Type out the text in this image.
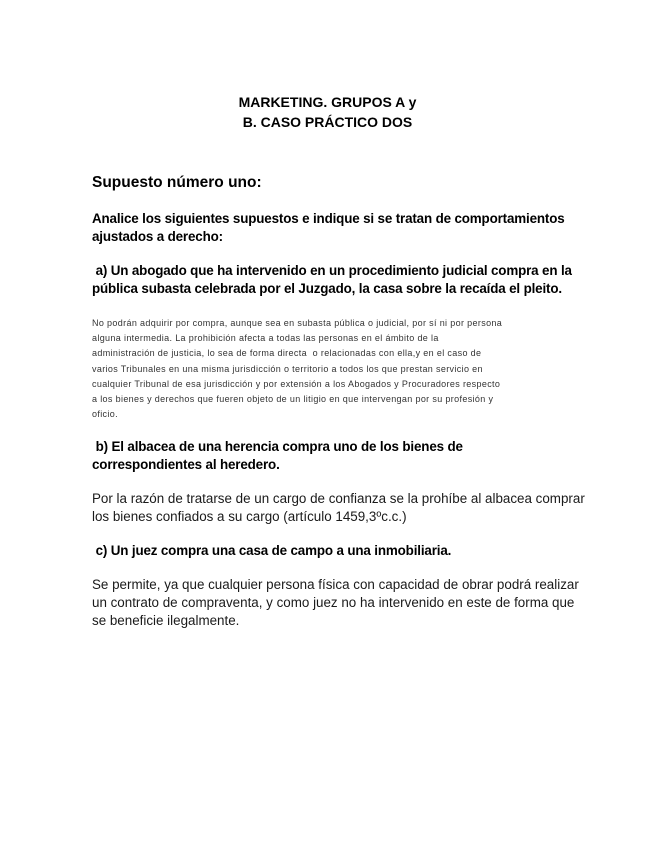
MARKETING. GRUPOS A y
B. CASO PRÁCTICO DOS
Supuesto número uno:
Analice los siguientes supuestos e indique si se tratan de comportamientos
ajustados a derecho:
a) Un abogado que ha intervenido en un procedimiento judicial compra en la
pública subasta celebrada por el Juzgado, la casa sobre la recaída el pleito.
No podrán adquirir por compra, aunque sea en subasta pública o judicial, por sí ni por persona
alguna intermedia. La prohibición afecta a todas las personas en el ámbito de la
administración de justicia, lo sea de forma directa  o relacionadas con ella,y en el caso de
varios Tribunales en una misma jurisdicción o territorio a todos los que prestan servicio en
cualquier Tribunal de esa jurisdicción y por extensión a los Abogados y Procuradores respecto
a los bienes y derechos que fueren objeto de un litigio en que intervengan por su profesión y
oficio.
b) El albacea de una herencia compra uno de los bienes de
correspondientes al heredero.
Por la razón de tratarse de un cargo de confianza se la prohíbe al albacea comprar
los bienes confiados a su cargo (artículo 1459,3ºc.c.)
c) Un juez compra una casa de campo a una inmobiliaria.
Se permite, ya que cualquier persona física con capacidad de obrar podrá realizar
un contrato de compraventa, y como juez no ha intervenido en este de forma que
se beneficie ilegalmente.
